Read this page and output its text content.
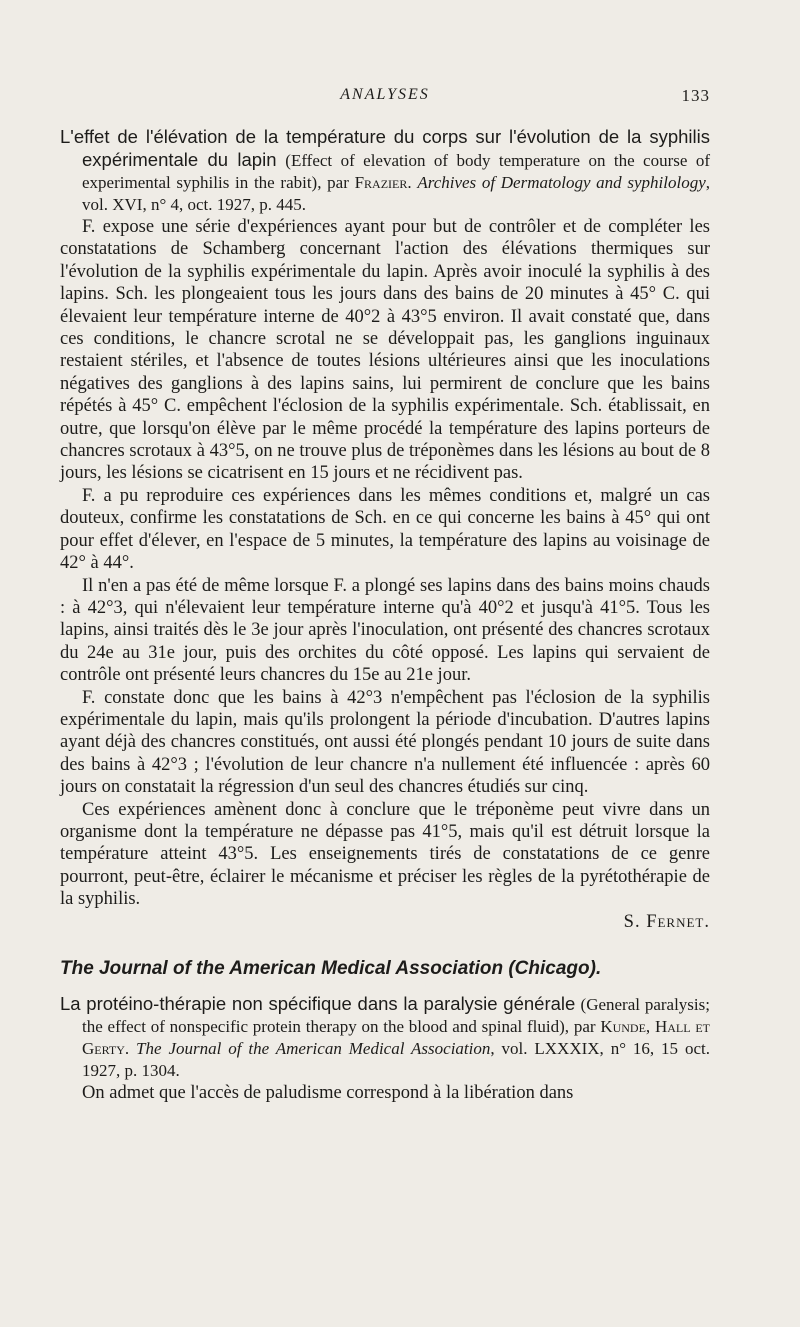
ANALYSES	133

L'effet de l'élévation de la température du corps sur l'évolution de la syphilis expérimentale du lapin (Effect of elevation of body temperature on the course of experimental syphilis in the rabit), par Frazier. Archives of Dermatology and syphilology, vol. XVI, n° 4, oct. 1927, p. 445.

F. expose une série d'expériences ayant pour but de contrôler et de compléter les constatations de Schamberg concernant l'action des élévations thermiques sur l'évolution de la syphilis expérimentale du lapin. Après avoir inoculé la syphilis à des lapins. Sch. les plongeaient tous les jours dans des bains de 20 minutes à 45° C. qui élevaient leur température interne de 40°2 à 43°5 environ. Il avait constaté que, dans ces conditions, le chancre scrotal ne se développait pas, les ganglions inguinaux restaient stériles, et l'absence de toutes lésions ultérieures ainsi que les inoculations négatives des ganglions à des lapins sains, lui permirent de conclure que les bains répétés à 45° C. empêchent l'éclosion de la syphilis expérimentale. Sch. établissait, en outre, que lorsqu'on élève par le même procédé la température des lapins porteurs de chancres scrotaux à 43°5, on ne trouve plus de tréponèmes dans les lésions au bout de 8 jours, les lésions se cicatrisent en 15 jours et ne récidivent pas.

F. a pu reproduire ces expériences dans les mêmes conditions et, malgré un cas douteux, confirme les constatations de Sch. en ce qui concerne les bains à 45° qui ont pour effet d'élever, en l'espace de 5 minutes, la température des lapins au voisinage de 42° à 44°.

Il n'en a pas été de même lorsque F. a plongé ses lapins dans des bains moins chauds : à 42°3, qui n'élevaient leur température interne qu'à 40°2 et jusqu'à 41°5. Tous les lapins, ainsi traités dès le 3e jour après l'inoculation, ont présenté des chancres scrotaux du 24e au 31e jour, puis des orchites du côté opposé. Les lapins qui servaient de contrôle ont présenté leurs chancres du 15e au 21e jour.

F. constate donc que les bains à 42°3 n'empêchent pas l'éclosion de la syphilis expérimentale du lapin, mais qu'ils prolongent la période d'incubation. D'autres lapins ayant déjà des chancres constitués, ont aussi été plongés pendant 10 jours de suite dans des bains à 42°3 ; l'évolution de leur chancre n'a nullement été influencée : après 60 jours on constatait la régression d'un seul des chancres étudiés sur cinq.

Ces expériences amènent donc à conclure que le tréponème peut vivre dans un organisme dont la température ne dépasse pas 41°5, mais qu'il est détruit lorsque la température atteint 43°5. Les enseignements tirés de constatations de ce genre pourront, peut-être, éclairer le mécanisme et préciser les règles de la pyrétothérapie de la syphilis.

S. Fernet.
The Journal of the American Medical Association (Chicago).

La protéino-thérapie non spécifique dans la paralysie générale (General paralysis; the effect of nonspecific protein therapy on the blood and spinal fluid), par Kunde, Hall et Gerty. The Journal of the American Medical Association, vol. LXXXIX, n° 16, 15 oct. 1927, p. 1304.

On admet que l'accès de paludisme correspond à la libération dans
